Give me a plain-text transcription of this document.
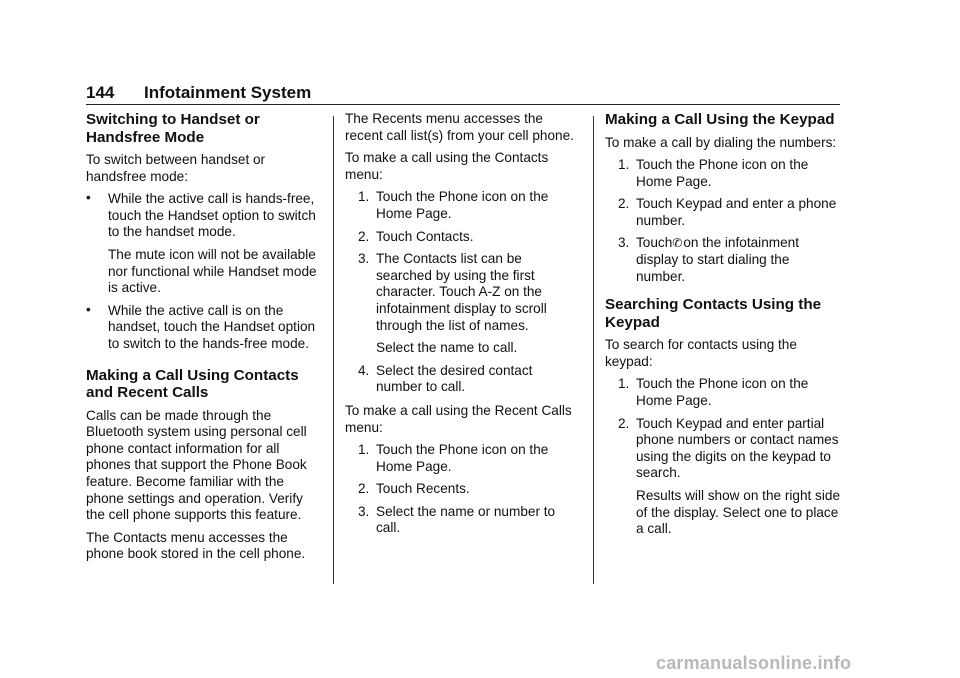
144 Infotainment System
Switching to Handset or Handsfree Mode

To switch between handset or handsfree mode:

• While the active call is hands-free, touch the Handset option to switch to the handset mode.

The mute icon will not be available nor functional while Handset mode is active.

• While the active call is on the handset, touch the Handset option to switch to the hands-free mode.
Making a Call Using Contacts and Recent Calls

Calls can be made through the Bluetooth system using personal cell phone contact information for all phones that support the Phone Book feature. Become familiar with the phone settings and operation. Verify the cell phone supports this feature.

The Contacts menu accesses the phone book stored in the cell phone.

The Recents menu accesses the recent call list(s) from your cell phone.

To make a call using the Contacts menu:

1. Touch the Phone icon on the Home Page.
2. Touch Contacts.
3. The Contacts list can be searched by using the first character. Touch A-Z on the infotainment display to scroll through the list of names.
Select the name to call.
4. Select the desired contact number to call.

To make a call using the Recent Calls menu:

1. Touch the Phone icon on the Home Page.
2. Touch Recents.
3. Select the name or number to call.
Making a Call Using the Keypad

To make a call by dialing the numbers:

1. Touch the Phone icon on the Home Page.
2. Touch Keypad and enter a phone number.
3. Touch✆on the infotainment display to start dialing the number.
Searching Contacts Using the Keypad

To search for contacts using the keypad:

1. Touch the Phone icon on the Home Page.
2. Touch Keypad and enter partial phone numbers or contact names using the digits on the keypad to search.
Results will show on the right side of the display. Select one to place a call.
carmanualsonline.info
